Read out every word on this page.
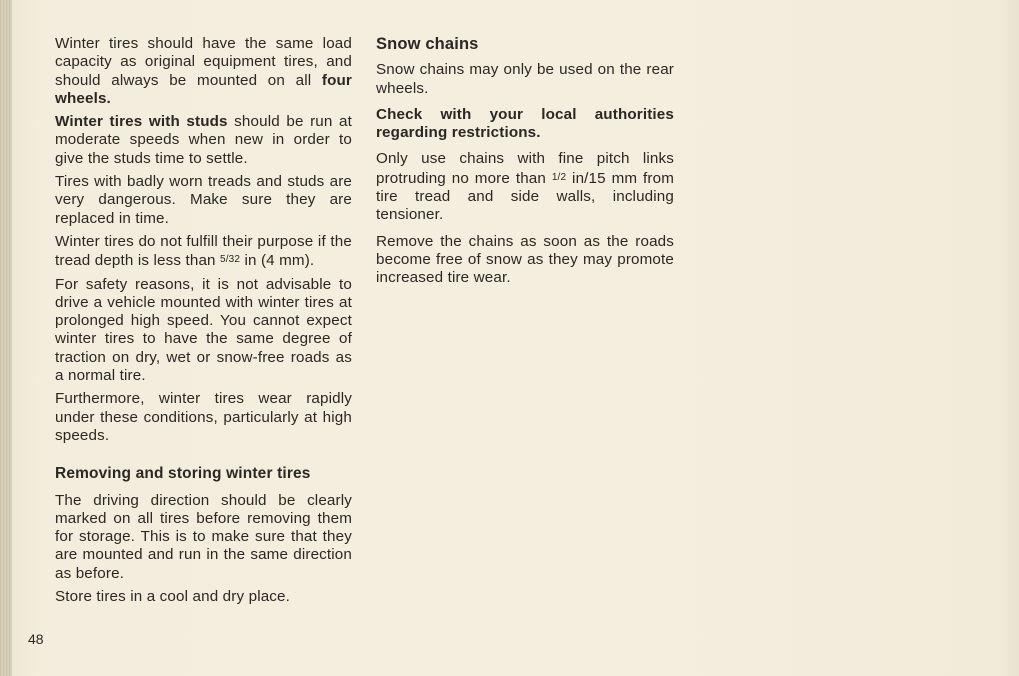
Winter tires should have the same load capacity as original equipment tires, and should always be mounted on all four wheels.

Winter tires with studs should be run at moderate speeds when new in order to give the studs time to settle.

Tires with badly worn treads and studs are very dangerous. Make sure they are replaced in time.

Winter tires do not fulfill their purpose if the tread depth is less than 5/32 in (4 mm).

For safety reasons, it is not advisable to drive a vehicle mounted with winter tires at prolonged high speed. You cannot expect winter tires to have the same degree of traction on dry, wet or snow-free roads as a normal tire.

Furthermore, winter tires wear rapidly under these conditions, particularly at high speeds.

Removing and storing winter tires

The driving direction should be clearly marked on all tires before removing them for storage. This is to make sure that they are mounted and run in the same direction as before.

Store tires in a cool and dry place.

Snow chains

Snow chains may only be used on the rear wheels.

Check with your local authorities regarding restrictions.

Only use chains with fine pitch links protruding no more than 1/2 in/15 mm from tire tread and side walls, including tensioner.

Remove the chains as soon as the roads become free of snow as they may promote increased tire wear.

48
